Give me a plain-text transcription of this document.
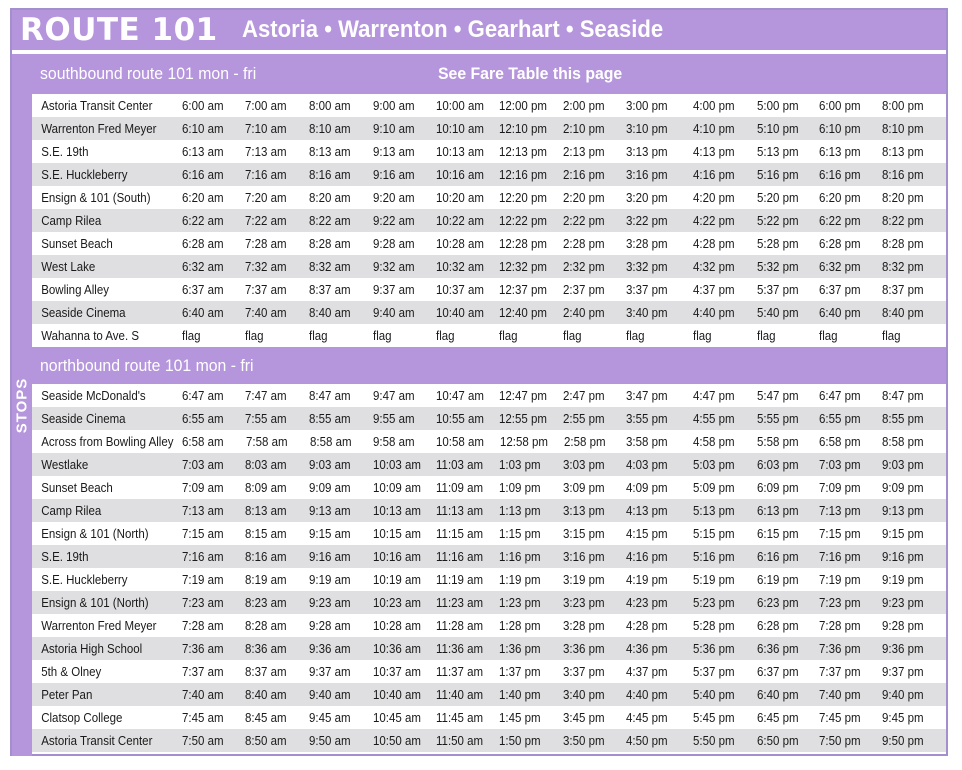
ROUTE 101 Astoria • Warrenton • Gearhart • Seaside
STOPS
southbound route 101 mon - fri	See Fare Table this page
Astoria Transit Center	6:00 am	7:00 am	8:00 am	9:00 am	10:00 am	12:00 pm	2:00 pm	3:00 pm	4:00 pm	5:00 pm	6:00 pm	8:00 pm
Warrenton Fred Meyer	6:10 am	7:10 am	8:10 am	9:10 am	10:10 am	12:10 pm	2:10 pm	3:10 pm	4:10 pm	5:10 pm	6:10 pm	8:10 pm
S.E. 19th	6:13 am	7:13 am	8:13 am	9:13 am	10:13 am	12:13 pm	2:13 pm	3:13 pm	4:13 pm	5:13 pm	6:13 pm	8:13 pm
S.E. Huckleberry	6:16 am	7:16 am	8:16 am	9:16 am	10:16 am	12:16 pm	2:16 pm	3:16 pm	4:16 pm	5:16 pm	6:16 pm	8:16 pm
Ensign & 101 (South)	6:20 am	7:20 am	8:20 am	9:20 am	10:20 am	12:20 pm	2:20 pm	3:20 pm	4:20 pm	5:20 pm	6:20 pm	8:20 pm
Camp Rilea	6:22 am	7:22 am	8:22 am	9:22 am	10:22 am	12:22 pm	2:22 pm	3:22 pm	4:22 pm	5:22 pm	6:22 pm	8:22 pm
Sunset Beach	6:28 am	7:28 am	8:28 am	9:28 am	10:28 am	12:28 pm	2:28 pm	3:28 pm	4:28 pm	5:28 pm	6:28 pm	8:28 pm
West Lake	6:32 am	7:32 am	8:32 am	9:32 am	10:32 am	12:32 pm	2:32 pm	3:32 pm	4:32 pm	5:32 pm	6:32 pm	8:32 pm
Bowling Alley	6:37 am	7:37 am	8:37 am	9:37 am	10:37 am	12:37 pm	2:37 pm	3:37 pm	4:37 pm	5:37 pm	6:37 pm	8:37 pm
Seaside Cinema	6:40 am	7:40 am	8:40 am	9:40 am	10:40 am	12:40 pm	2:40 pm	3:40 pm	4:40 pm	5:40 pm	6:40 pm	8:40 pm
Wahanna to Ave. S	flag	flag	flag	flag	flag	flag	flag	flag	flag	flag	flag	flag
northbound route 101 mon - fri
Seaside McDonald's	6:47 am	7:47 am	8:47 am	9:47 am	10:47 am	12:47 pm	2:47 pm	3:47 pm	4:47 pm	5:47 pm	6:47 pm	8:47 pm
Seaside Cinema	6:55 am	7:55 am	8:55 am	9:55 am	10:55 am	12:55 pm	2:55 pm	3:55 pm	4:55 pm	5:55 pm	6:55 pm	8:55 pm
Across from Bowling Alley 6:58 am	7:58 am	8:58 am	9:58 am	10:58 am	12:58 pm	2:58 pm	3:58 pm	4:58 pm	5:58 pm	6:58 pm	8:58 pm
Westlake	7:03 am	8:03 am	9:03 am	10:03 am	11:03 am	1:03 pm	3:03 pm	4:03 pm	5:03 pm	6:03 pm	7:03 pm	9:03 pm
Sunset Beach	7:09 am	8:09 am	9:09 am	10:09 am	11:09 am	1:09 pm	3:09 pm	4:09 pm	5:09 pm	6:09 pm	7:09 pm	9:09 pm
Camp Rilea	7:13 am	8:13 am	9:13 am	10:13 am	11:13 am	1:13 pm	3:13 pm	4:13 pm	5:13 pm	6:13 pm	7:13 pm	9:13 pm
Ensign & 101 (North)	7:15 am	8:15 am	9:15 am	10:15 am	11:15 am	1:15 pm	3:15 pm	4:15 pm	5:15 pm	6:15 pm	7:15 pm	9:15 pm
S.E. 19th	7:16 am	8:16 am	9:16 am	10:16 am	11:16 am	1:16 pm	3:16 pm	4:16 pm	5:16 pm	6:16 pm	7:16 pm	9:16 pm
S.E. Huckleberry	7:19 am	8:19 am	9:19 am	10:19 am	11:19 am	1:19 pm	3:19 pm	4:19 pm	5:19 pm	6:19 pm	7:19 pm	9:19 pm
Ensign & 101 (North)	7:23 am	8:23 am	9:23 am	10:23 am	11:23 am	1:23 pm	3:23 pm	4:23 pm	5:23 pm	6:23 pm	7:23 pm	9:23 pm
Warrenton Fred Meyer	7:28 am	8:28 am	9:28 am	10:28 am	11:28 am	1:28 pm	3:28 pm	4:28 pm	5:28 pm	6:28 pm	7:28 pm	9:28 pm
Astoria High School	7:36 am	8:36 am	9:36 am	10:36 am	11:36 am	1:36 pm	3:36 pm	4:36 pm	5:36 pm	6:36 pm	7:36 pm	9:36 pm
5th & Olney	7:37 am	8:37 am	9:37 am	10:37 am	11:37 am	1:37 pm	3:37 pm	4:37 pm	5:37 pm	6:37 pm	7:37 pm	9:37 pm
Peter Pan	7:40 am	8:40 am	9:40 am	10:40 am	11:40 am	1:40 pm	3:40 pm	4:40 pm	5:40 pm	6:40 pm	7:40 pm	9:40 pm
Clatsop College	7:45 am	8:45 am	9:45 am	10:45 am	11:45 am	1:45 pm	3:45 pm	4:45 pm	5:45 pm	6:45 pm	7:45 pm	9:45 pm
Astoria Transit Center	7:50 am	8:50 am	9:50 am	10:50 am	11:50 am	1:50 pm	3:50 pm	4:50 pm	5:50 pm	6:50 pm	7:50 pm	9:50 pm
